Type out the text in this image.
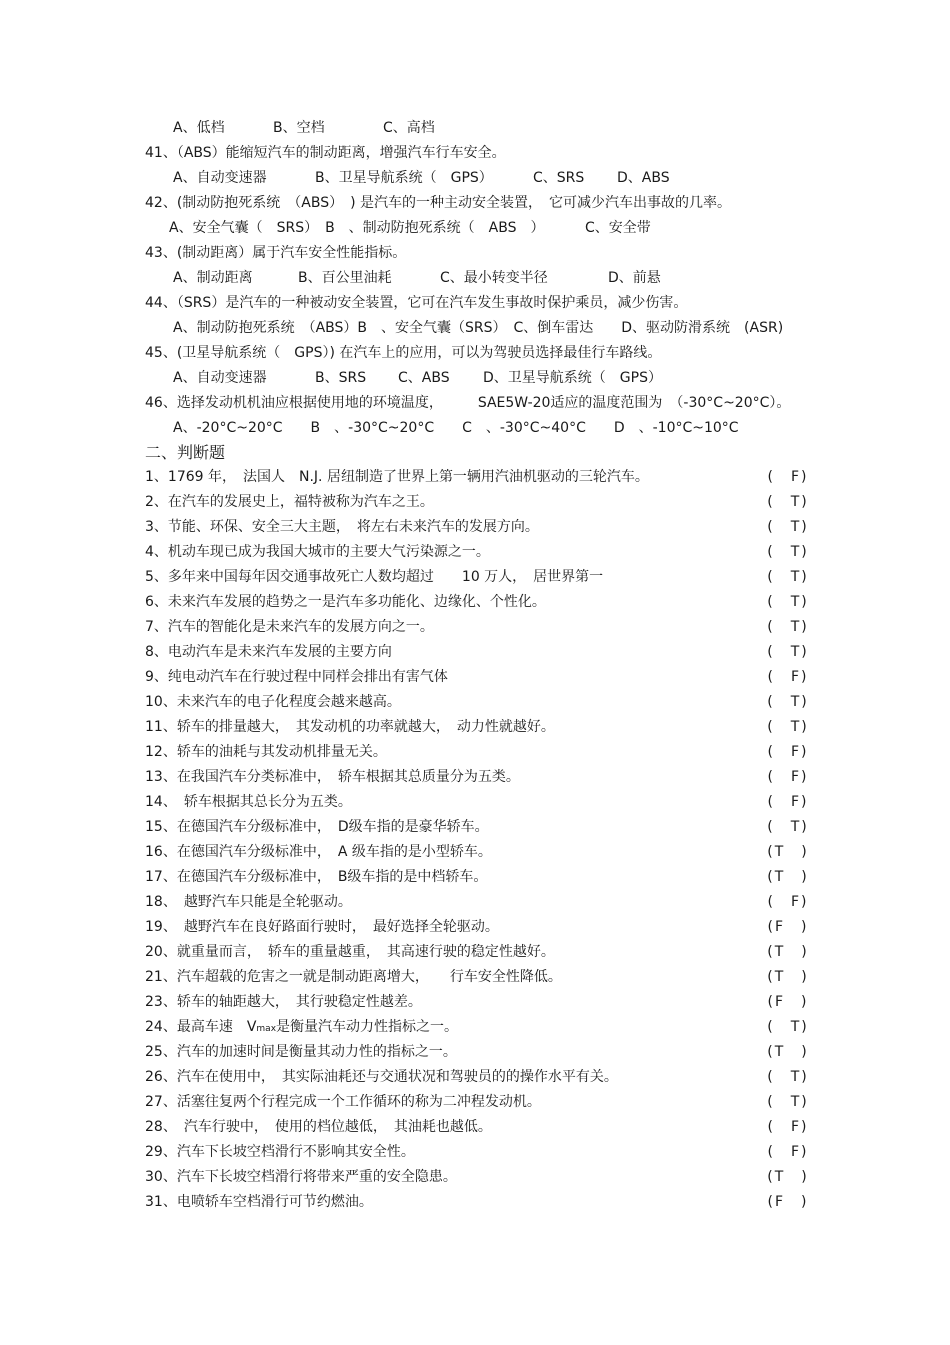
A、低档	B、空档	C、高档
41、（ABS）能缩短汽车的制动距离，增强汽车行车安全。
A、自动变速器	B、卫星导航系统（　GPS）	C、SRS D、ABS
42、(制动防抱死系统　（ABS）　) 是汽车的一种主动安全装置，　它可减少汽车出事故的几率。
A、安全气囊（　SRS）　B　、制动防抱死系统（　ABS　）	C、安全带
43、(制动距离）属于汽车安全性能指标。
A、制动距离	B、百公里油耗	C、最小转变半径	D、前悬
44、（SRS）是汽车的一种被动安全装置，它可在汽车发生事故时保护乘员，减少伤害。
A、制动防抱死系统　（ABS）B　、安全气囊（SRS）　C、倒车雷达　　D、驱动防滑系统　(ASR)
45、(卫星导航系统（　GPS）) 在汽车上的应用，可以为驾驶员选择最佳行车路线。
A、自动变速器	B、SRS C、ABS D、卫星导航系统（　GPS）
46、选择发动机机油应根据使用地的环境温度，　　　SAE5W-20适应的温度范围为　（-30°C~20°C）。
A、-20°C~20°C　　B　、-30°C~20°C　　C　、-30°C~40°C　　D　、-10°C~10°C
二、判断题
1、1769 年，　法国人　N.J. 居纽制造了世界上第一辆用汽油机驱动的三轮汽车。	(　F)
2、在汽车的发展史上，福特被称为汽车之王。	(　T)
3、节能、环保、安全三大主题，　将左右未来汽车的发展方向。	(　T)
4、机动车现已成为我国大城市的主要大气污染源之一。	(　T)
5、多年来中国每年因交通事故死亡人数均超过　　10 万人，　居世界第一	(　T)
6、未来汽车发展的趋势之一是汽车多功能化、边缘化、个性化。	(　T)
7、汽车的智能化是未来汽车的发展方向之一。	(　T)
8、电动汽车是未来汽车发展的主要方向	(　T)
9、纯电动汽车在行驶过程中同样会排出有害气体	(　F)
10、未来汽车的电子化程度会越来越高。	(　T)
11、轿车的排量越大，　其发动机的功率就越大，　动力性就越好。	(　T)
12、轿车的油耗与其发动机排量无关。	(　F)
13、在我国汽车分类标准中，　轿车根据其总质量分为五类。	(　F)
14、　轿车根据其总长分为五类。	(　F)
15、在德国汽车分级标准中，　D级车指的是豪华轿车。	(　T)
16、在德国汽车分级标准中，　A 级车指的是小型轿车。	(T　)
17、在德国汽车分级标准中，　B级车指的是中档轿车。	(T　)
18、　越野汽车只能是全轮驱动。	(　F)
19、　越野汽车在良好路面行驶时，　最好选择全轮驱动。	(F　)
20、就重量而言，　轿车的重量越重，　其高速行驶的稳定性越好。	(T　)
21、汽车超载的危害之一就是制动距离增大，　　行车安全性降低。	(T　)
23、轿车的轴距越大，　其行驶稳定性越差。	(F　)
24、最高车速　Vmax是衡量汽车动力性指标之一。	(　T)
25、汽车的加速时间是衡量其动力性的指标之一。	(T　)
26、汽车在使用中，　其实际油耗还与交通状况和驾驶员的的操作水平有关。	(　T)
27、活塞往复两个行程完成一个工作循环的称为二冲程发动机。	(　T)
28、　汽车行驶中，　使用的档位越低，　其油耗也越低。	(　F)
29、汽车下长坡空档滑行不影响其安全性。	(　F)
30、汽车下长坡空档滑行将带来严重的安全隐患。	(T　)
31、电喷轿车空档滑行可节约燃油。	(F　)
